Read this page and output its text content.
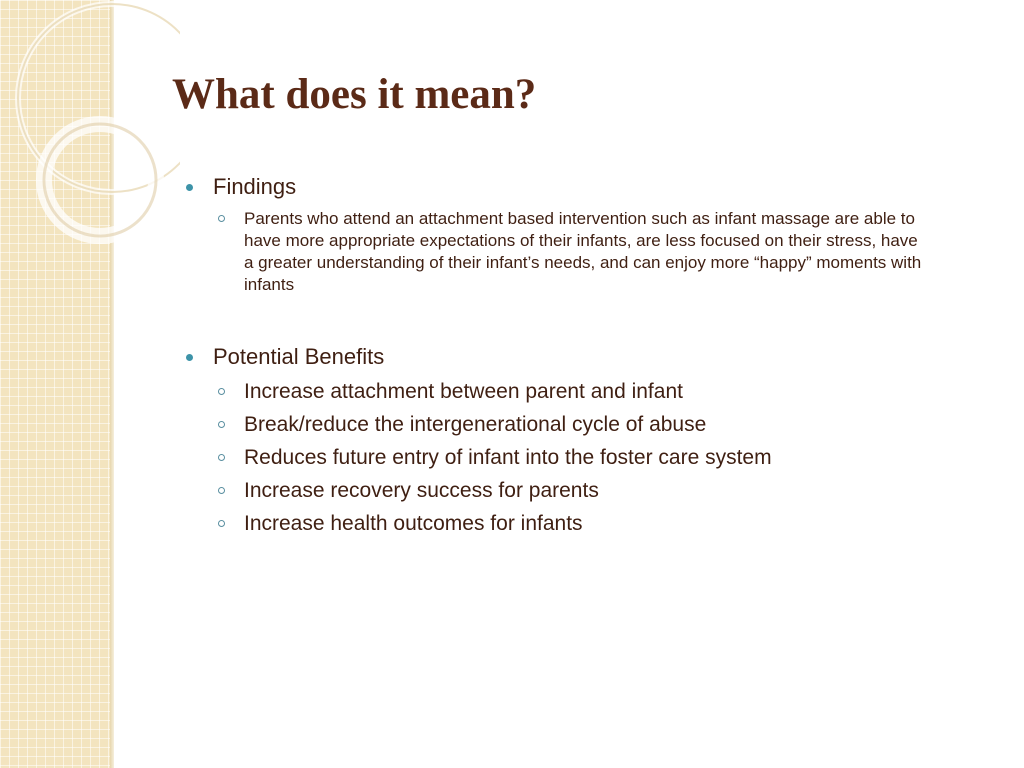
What does it mean?
Findings
Parents who attend an attachment based intervention such as infant massage are able to have more appropriate expectations of their infants, are less focused on their stress, have a greater understanding of their infant’s needs, and can enjoy more “happy” moments with infants
Potential Benefits
Increase attachment between parent and infant
Break/reduce the intergenerational cycle of abuse
Reduces future entry of infant into the foster care system
Increase recovery success for parents
Increase health outcomes for infants
